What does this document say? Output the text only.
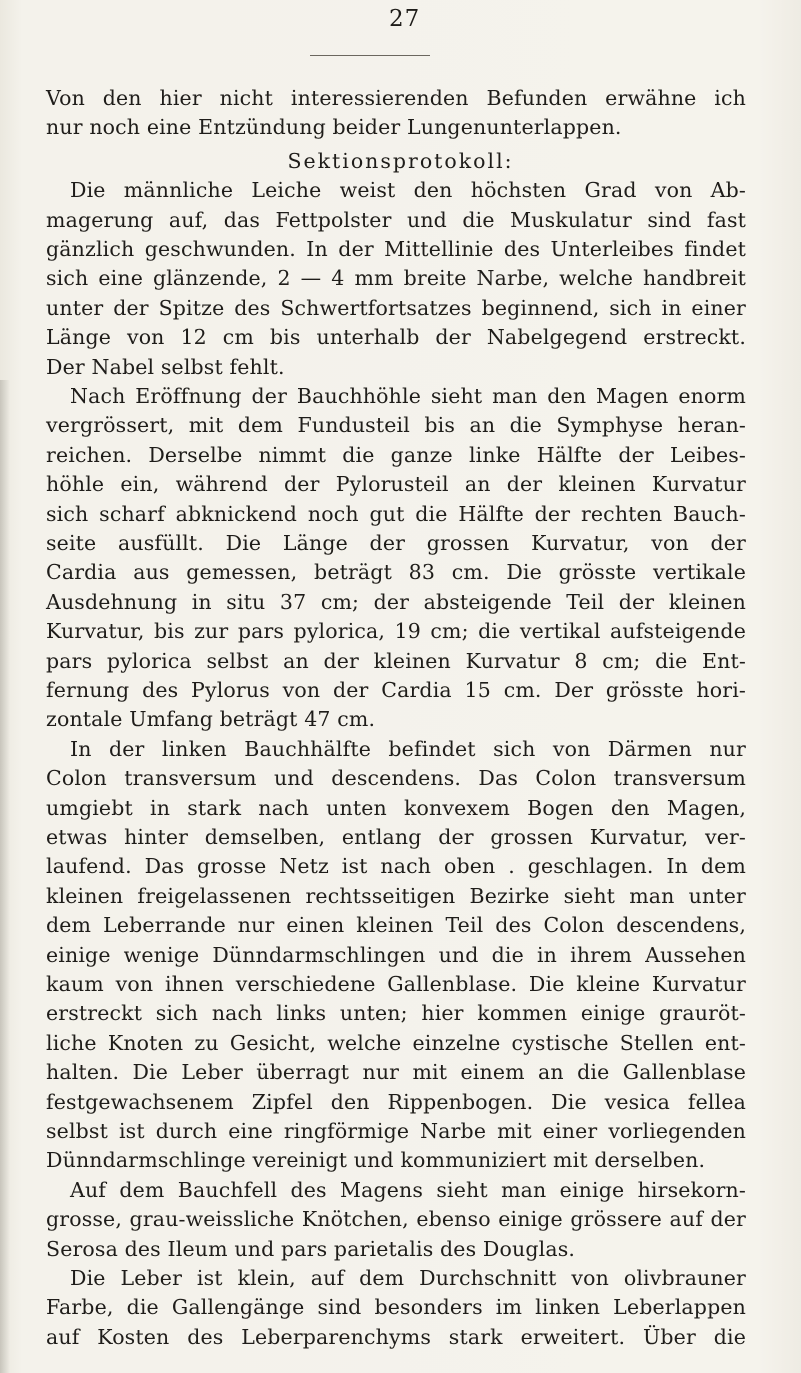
27
Von den hier nicht interessierenden Befunden erwähne ich
nur noch eine Entzündung beider Lungenunterlappen.
Sektionsprotokoll:
Die männliche Leiche weist den höchsten Grad von Ab-
magerung auf, das Fettpolster und die Muskulatur sind fast
gänzlich geschwunden. In der Mittellinie des Unterleibes findet
sich eine glänzende, 2 — 4 mm breite Narbe, welche handbreit
unter der Spitze des Schwertfortsatzes beginnend, sich in einer
Länge von 12 cm bis unterhalb der Nabelgegend erstreckt.
Der Nabel selbst fehlt.
Nach Eröffnung der Bauchhöhle sieht man den Magen enorm
vergrössert, mit dem Fundusteil bis an die Symphyse heran-
reichen. Derselbe nimmt die ganze linke Hälfte der Leibes-
höhle ein, während der Pylorusteil an der kleinen Kurvatur
sich scharf abknickend noch gut die Hälfte der rechten Bauch-
seite ausfüllt. Die Länge der grossen Kurvatur, von der
Cardia aus gemessen, beträgt 83 cm. Die grösste vertikale
Ausdehnung in situ 37 cm; der absteigende Teil der kleinen
Kurvatur, bis zur pars pylorica, 19 cm; die vertikal aufsteigende
pars pylorica selbst an der kleinen Kurvatur 8 cm; die Ent-
fernung des Pylorus von der Cardia 15 cm. Der grösste hori-
zontale Umfang beträgt 47 cm.
In der linken Bauchhälfte befindet sich von Därmen nur
Colon transversum und descendens. Das Colon transversum
umgiebt in stark nach unten konvexem Bogen den Magen,
etwas hinter demselben, entlang der grossen Kurvatur, ver-
laufend. Das grosse Netz ist nach oben . geschlagen. In dem
kleinen freigelassenen rechtsseitigen Bezirke sieht man unter
dem Leberrande nur einen kleinen Teil des Colon descendens,
einige wenige Dünndarmschlingen und die in ihrem Aussehen
kaum von ihnen verschiedene Gallenblase. Die kleine Kurvatur
erstreckt sich nach links unten; hier kommen einige grauröt-
liche Knoten zu Gesicht, welche einzelne cystische Stellen ent-
halten. Die Leber überragt nur mit einem an die Gallenblase
festgewachsenem Zipfel den Rippenbogen. Die vesica fellea
selbst ist durch eine ringförmige Narbe mit einer vorliegenden
Dünndarmschlinge vereinigt und kommuniziert mit derselben.
Auf dem Bauchfell des Magens sieht man einige hirsekorn-
grosse, grau-weissliche Knötchen, ebenso einige grössere auf der
Serosa des Ileum und pars parietalis des Douglas.
Die Leber ist klein, auf dem Durchschnitt von olivbrauner
Farbe, die Gallengänge sind besonders im linken Leberlappen
auf Kosten des Leberparenchyms stark erweitert. Über die
